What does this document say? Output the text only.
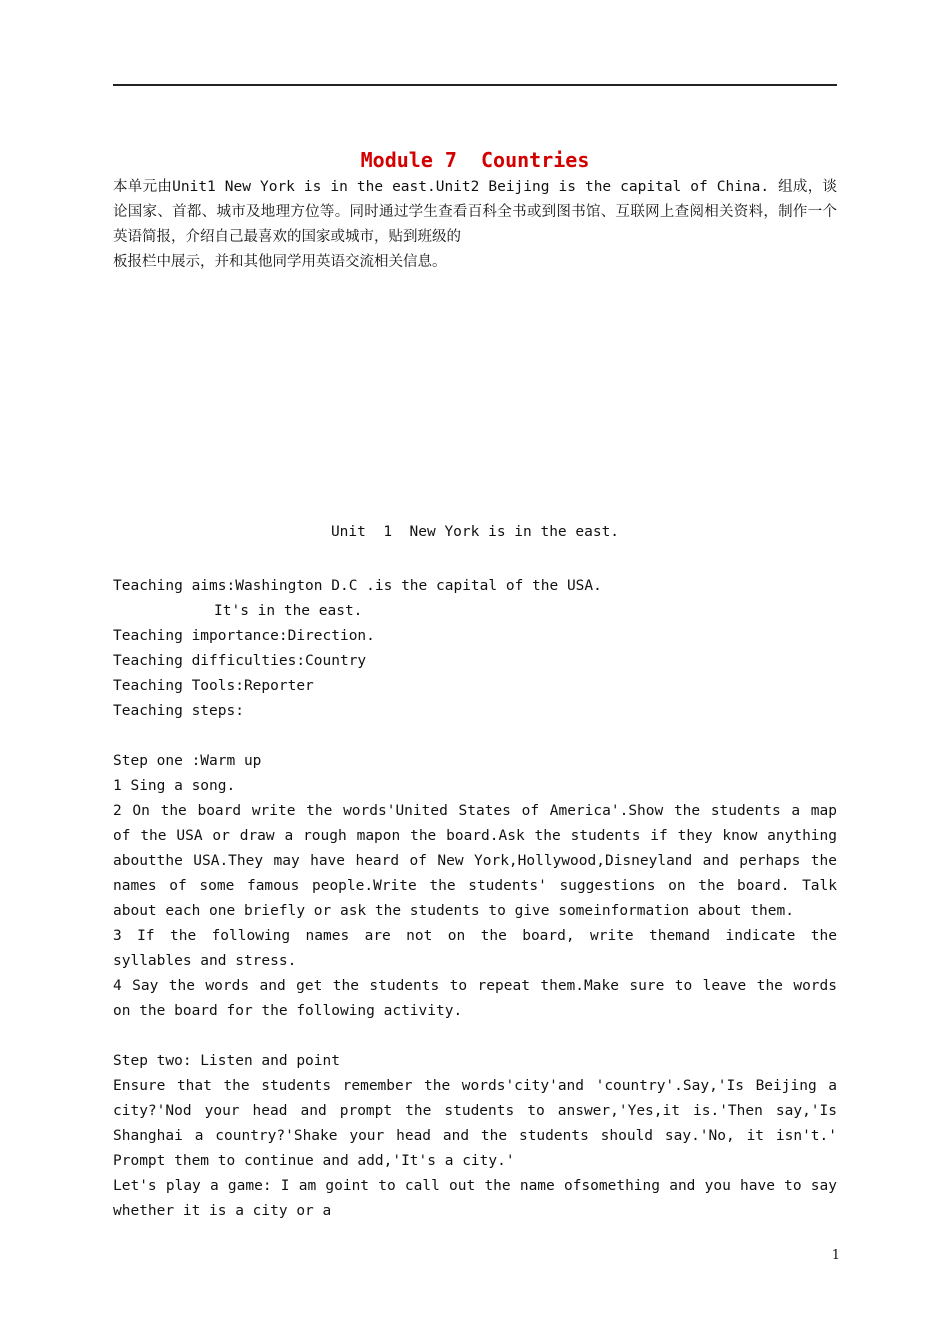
Module 7  Countries

本单元由Unit1 New York is in the east.Unit2 Beijing is the capital of China. 组成，谈论国家、首都、城市及地理方位等。同时通过学生查看百科全书或到图书馆、互联网上查阅相关资料，制作一个英语简报，介绍自己最喜欢的国家或城市，贴到班级的

板报栏中展示，并和其他同学用英语交流相关信息。

Unit  1  New York is in the east.

Teaching aims:Washington D.C .is the capital of the USA.

It's in the east.

Teaching importance:Direction.

Teaching difficulties:Country

Teaching Tools:Reporter

Teaching steps:

Step one :Warm up

1 Sing a song.

2 On the board write the words'United States of America'.Show the students a map of the USA or draw a rough mapon the board.Ask the students if they know anything aboutthe USA.They may have heard of New York,Hollywood,Disneyland and perhaps the names of some famous people.Write the students' suggestions on the board. Talk about each one briefly or ask the students to give someinformation about them.

3 If the following names are not on the board, write themand indicate the syllables and stress.

4 Say the words and get the students to repeat them.Make sure to leave the words on the board for the following activity.

Step two: Listen and point

Ensure that the students remember the words'city'and 'country'.Say,'Is Beijing a city?'Nod your head and prompt the students to answer,'Yes,it is.'Then say,'Is Shanghai a country?'Shake your head and the students should say.'No, it isn't.' Prompt them to continue and add,'It's a city.'

Let's play a game: I am goint to call out the name ofsomething and you have to say whether it is a city or a

1
